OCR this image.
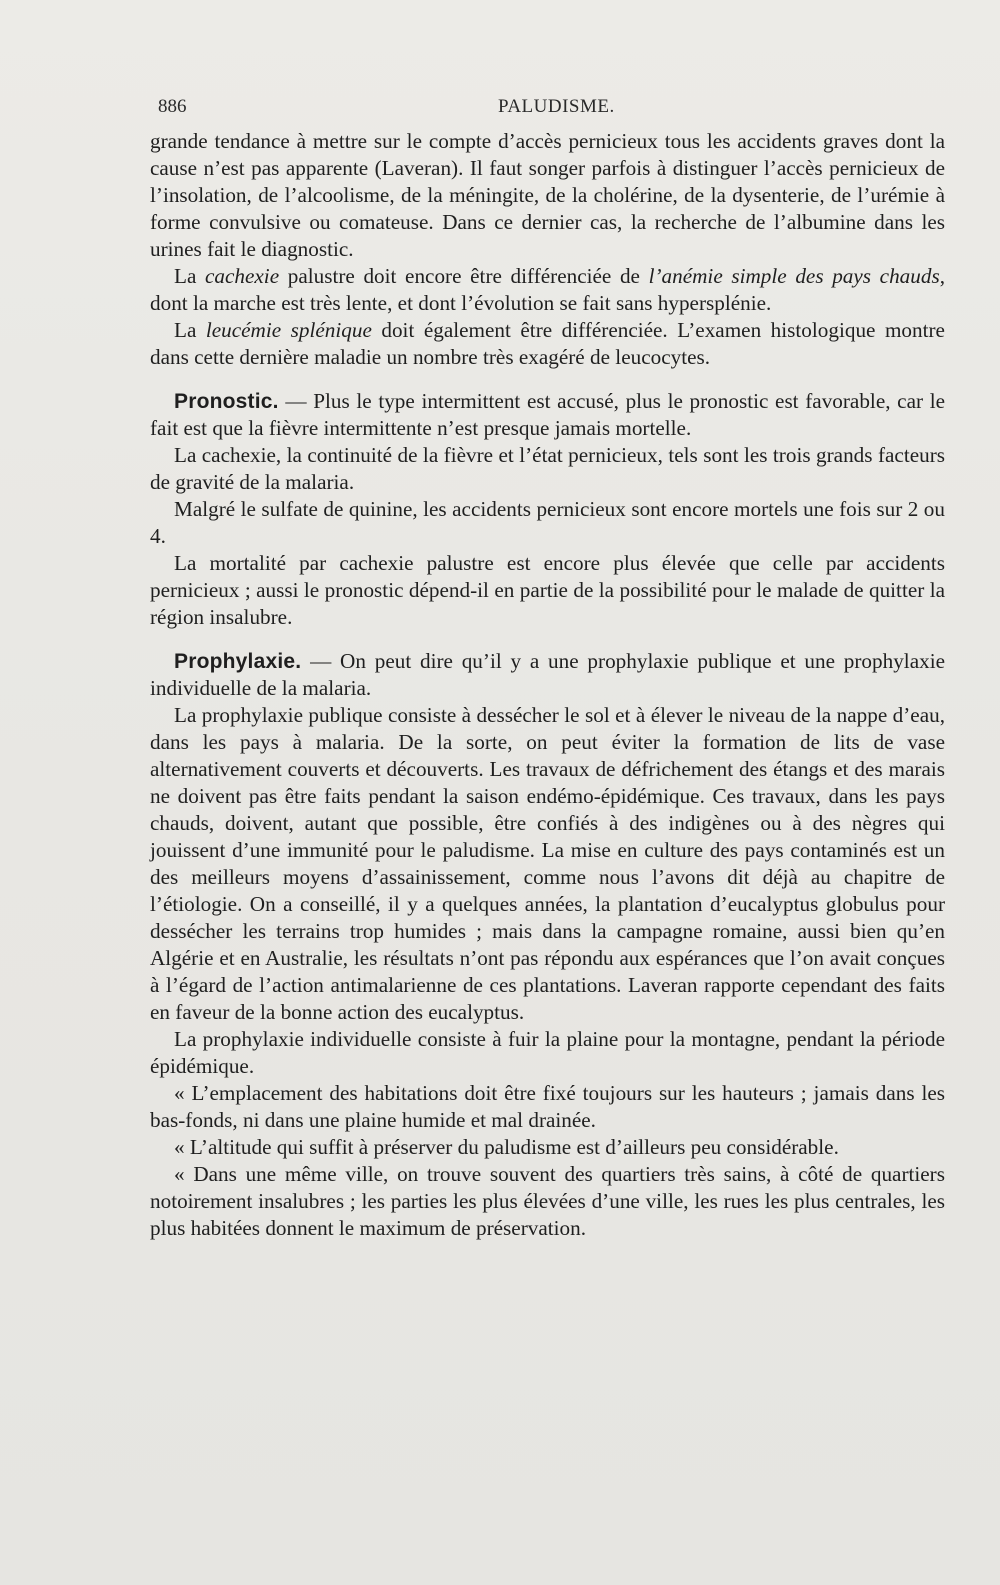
886	PALUDISME.

grande tendance à mettre sur le compte d’accès pernicieux tous les accidents graves dont la cause n’est pas apparente (Laveran). Il faut songer parfois à distinguer l’accès pernicieux de l’insolation, de l’alcoolisme, de la méningite, de la cholérine, de la dysenterie, de l’urémie à forme convulsive ou comateuse. Dans ce dernier cas, la recherche de l’albumine dans les urines fait le diagnostic.

La cachexie palustre doit encore être différenciée de l’anémie simple des pays chauds, dont la marche est très lente, et dont l’évolution se fait sans hypersplénie.

La leucémie splénique doit également être différenciée. L’examen histologique montre dans cette dernière maladie un nombre très exagéré de leucocytes.

Pronostic. — Plus le type intermittent est accusé, plus le pronostic est favorable, car le fait est que la fièvre intermittente n’est presque jamais mortelle.

La cachexie, la continuité de la fièvre et l’état pernicieux, tels sont les trois grands facteurs de gravité de la malaria.

Malgré le sulfate de quinine, les accidents pernicieux sont encore mortels une fois sur 2 ou 4.

La mortalité par cachexie palustre est encore plus élevée que celle par accidents pernicieux ; aussi le pronostic dépend-il en partie de la possibilité pour le malade de quitter la région insalubre.

Prophylaxie. — On peut dire qu’il y a une prophylaxie publique et une prophylaxie individuelle de la malaria.

La prophylaxie publique consiste à dessécher le sol et à élever le niveau de la nappe d’eau, dans les pays à malaria. De la sorte, on peut éviter la formation de lits de vase alternativement couverts et découverts. Les travaux de défrichement des étangs et des marais ne doivent pas être faits pendant la saison endémo-épidémique. Ces travaux, dans les pays chauds, doivent, autant que possible, être confiés à des indigènes ou à des nègres qui jouissent d’une immunité pour le paludisme. La mise en culture des pays contaminés est un des meilleurs moyens d’assainissement, comme nous l’avons dit déjà au chapitre de l’étiologie. On a conseillé, il y a quelques années, la plantation d’eucalyptus globulus pour dessécher les terrains trop humides ; mais dans la campagne romaine, aussi bien qu’en Algérie et en Australie, les résultats n’ont pas répondu aux espérances que l’on avait conçues à l’égard de l’action antimalarienne de ces plantations. Laveran rapporte cependant des faits en faveur de la bonne action des eucalyptus.

La prophylaxie individuelle consiste à fuir la plaine pour la montagne, pendant la période épidémique.

« L’emplacement des habitations doit être fixé toujours sur les hauteurs ; jamais dans les bas-fonds, ni dans une plaine humide et mal drainée.

« L’altitude qui suffit à préserver du paludisme est d’ailleurs peu considérable.

« Dans une même ville, on trouve souvent des quartiers très sains, à côté de quartiers notoirement insalubres ; les parties les plus élevées d’une ville, les rues les plus centrales, les plus habitées donnent le maximum de préservation.
